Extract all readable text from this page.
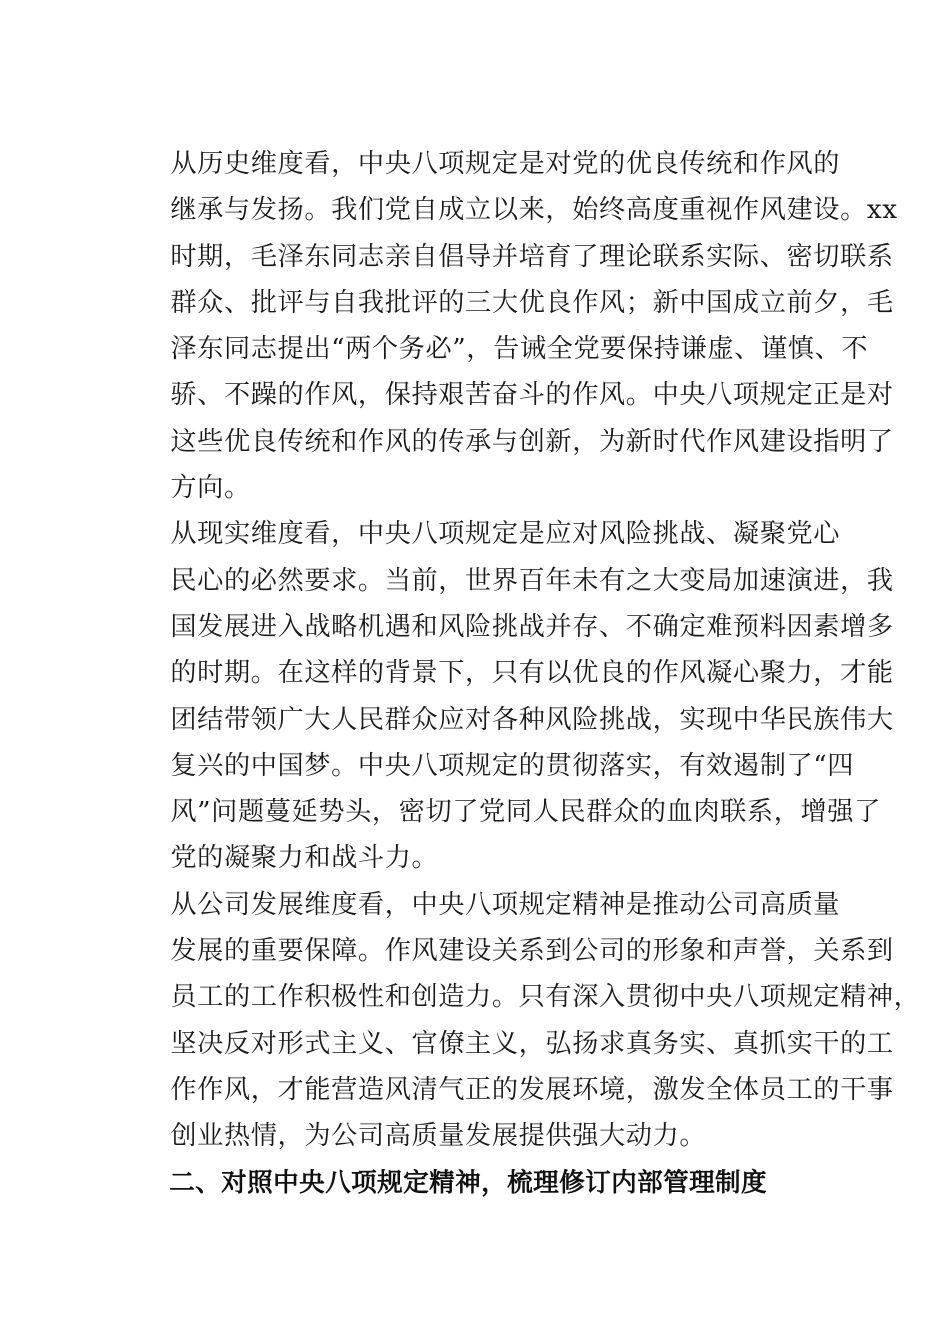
从历史维度看，中央八项规定是对党的优良传统和作风的
继承与发扬。我们党自成立以来，始终高度重视作风建设。xx
时期，毛泽东同志亲自倡导并培育了理论联系实际、密切联系
群众、批评与自我批评的三大优良作风；新中国成立前夕，毛
泽东同志提出“两个务必”，告诫全党要保持谦虚、谨慎、不
骄、不躁的作风，保持艰苦奋斗的作风。中央八项规定正是对
这些优良传统和作风的传承与创新，为新时代作风建设指明了
方向。

从现实维度看，中央八项规定是应对风险挑战、凝聚党心
民心的必然要求。当前，世界百年未有之大变局加速演进，我
国发展进入战略机遇和风险挑战并存、不确定难预料因素增多
的时期。在这样的背景下，只有以优良的作风凝心聚力，才能
团结带领广大人民群众应对各种风险挑战，实现中华民族伟大
复兴的中国梦。中央八项规定的贯彻落实，有效遏制了“四
风”问题蔓延势头，密切了党同人民群众的血肉联系，增强了
党的凝聚力和战斗力。

从公司发展维度看，中央八项规定精神是推动公司高质量
发展的重要保障。作风建设关系到公司的形象和声誉，关系到
员工的工作积极性和创造力。只有深入贯彻中央八项规定精神，
坚决反对形式主义、官僚主义，弘扬求真务实、真抓实干的工
作作风，才能营造风清气正的发展环境，激发全体员工的干事
创业热情，为公司高质量发展提供强大动力。

二、对照中央八项规定精神，梳理修订内部管理制度
